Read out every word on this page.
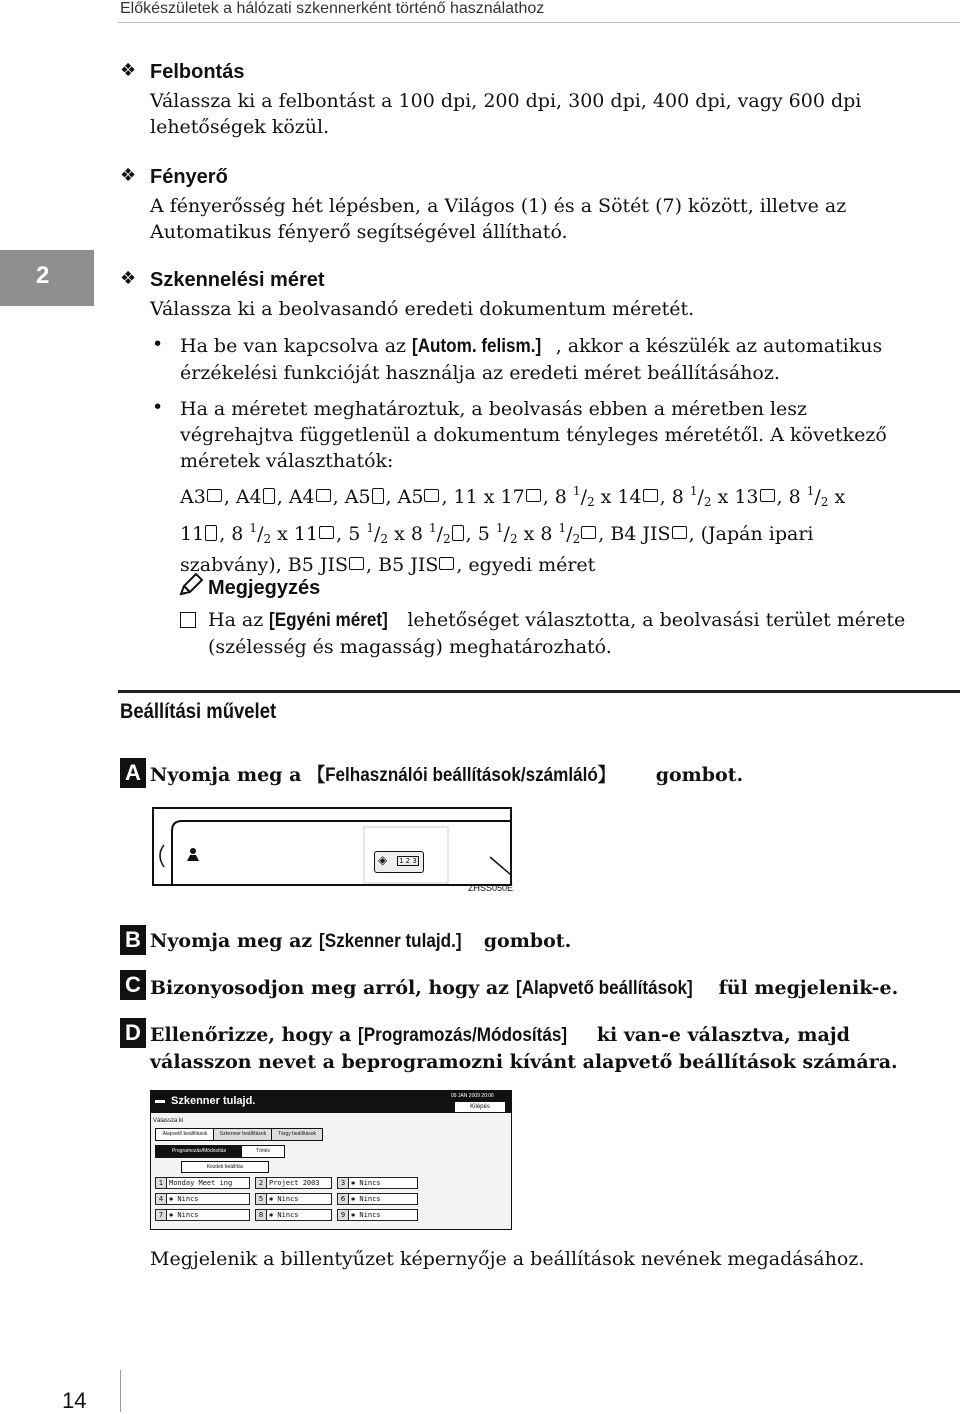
Előkészületek a hálózati szkennerként történő használathoz
2
❖ Felbontás
Válassza ki a felbontást a 100 dpi, 200 dpi, 300 dpi, 400 dpi, vagy 600 dpi
lehetőségek közül.
❖ Fényerő
A fényerősség hét lépésben, a Világos (1) és a Sötét (7) között, illetve az
Automatikus fényerő segítségével állítható.
❖ Szkennelési méret
Válassza ki a beolvasandó eredeti dokumentum méretét.
• Ha be van kapcsolva az [Autom. felism.] , akkor a készülék az automatikus
érzékelési funkcióját használja az eredeti méret beállításához.
• Ha a méretet meghatároztuk, a beolvasás ebben a méretben lesz
végrehajtva függetlenül a dokumentum tényleges méretétől. A következő
méretek választhatók:
A3 , A4 , A4 , A5 , A5 , 11 x 17 , 8 $^1/_2$ x 14 , 8 $^1/_2$ x 13 , 8 $^1/_2$ x
11 , 8 $^1/_2$ x 11 , 5 $^1/_2$ x 8 $^1/_2$ , 5 $^1/_2$ x 8 $^1/_2$ , B4 JIS , (Japán ipari
szabvány), B5 JIS , B5 JIS , egyedi méret
Megjegyzés
Ha az [Egyéni méret] lehetőséget választotta, a beolvasási terület mérete
(szélesség és magasság) meghatározható.
Beállítási művelet
A Nyomja meg a 【Felhasználói beállítások/számláló】 gombot.
◈ 1 2 3
ZHSS050E
B Nyomja meg az [Szkenner tulajd.] gombot.
C Bizonyosodjon meg arról, hogy az [Alapvető beállítások] fül megjelenik-e.
D Ellenőrizze, hogy a [Programozás/Módosítás] ki van-e választva, majd
válasszon nevet a beprogramozni kívánt alapvető beállítások számára.
▬ Szkenner tulajd.	09 JAN 2009 20:06
Kilépés
Válassza ki
Alapvető beállítások	Szkenner beállítások	Tárgy beállítások
Programozás/Módosítás	Törlés
Kezdeti beállítás
1 Monday Meet ing	2 Project 2003	3 ✱ Nincs
4 ✱ Nincs	5 ✱ Nincs	6 ✱ Nincs
7 ✱ Nincs	8 ✱ Nincs	9 ✱ Nincs
Megjelenik a billentyűzet képernyője a beállítások nevének megadásához.
14
